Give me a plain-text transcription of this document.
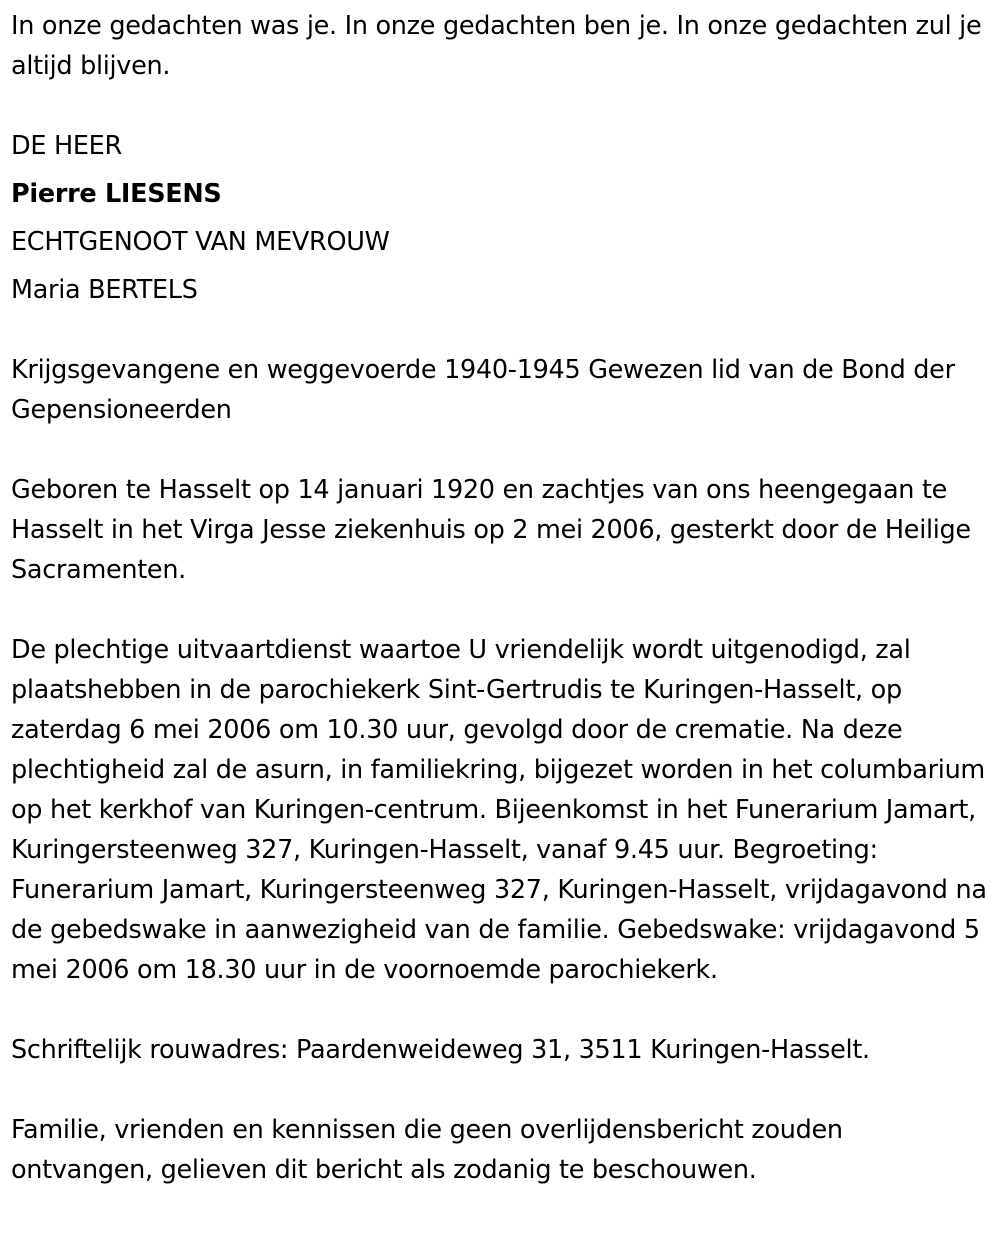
In onze gedachten was je. In onze gedachten ben je. In onze gedachten zul je altijd blijven.

DE HEER

Pierre LIESENS

ECHTGENOOT VAN MEVROUW

Maria BERTELS

Krijgsgevangene en weggevoerde 1940-1945 Gewezen lid van de Bond der Gepensioneerden

Geboren te Hasselt op 14 januari 1920 en zachtjes van ons heengegaan te Hasselt in het Virga Jesse ziekenhuis op 2 mei 2006, gesterkt door de Heilige Sacramenten.

De plechtige uitvaartdienst waartoe U vriendelijk wordt uitgenodigd, zal plaatshebben in de parochiekerk Sint-Gertrudis te Kuringen-Hasselt, op zaterdag 6 mei 2006 om 10.30 uur, gevolgd door de crematie. Na deze plechtigheid zal de asurn, in familiekring, bijgezet worden in het columbarium op het kerkhof van Kuringen-centrum. Bijeenkomst in het Funerarium Jamart, Kuringersteenweg 327, Kuringen-Hasselt, vanaf 9.45 uur. Begroeting: Funerarium Jamart, Kuringersteenweg 327, Kuringen-Hasselt, vrijdagavond na de gebedswake in aanwezigheid van de familie. Gebedswake: vrijdagavond 5 mei 2006 om 18.30 uur in de voornoemde parochiekerk.

Schriftelijk rouwadres: Paardenweideweg 31, 3511 Kuringen-Hasselt.

Familie, vrienden en kennissen die geen overlijdensbericht zouden ontvangen, gelieven dit bericht als zodanig te beschouwen.
